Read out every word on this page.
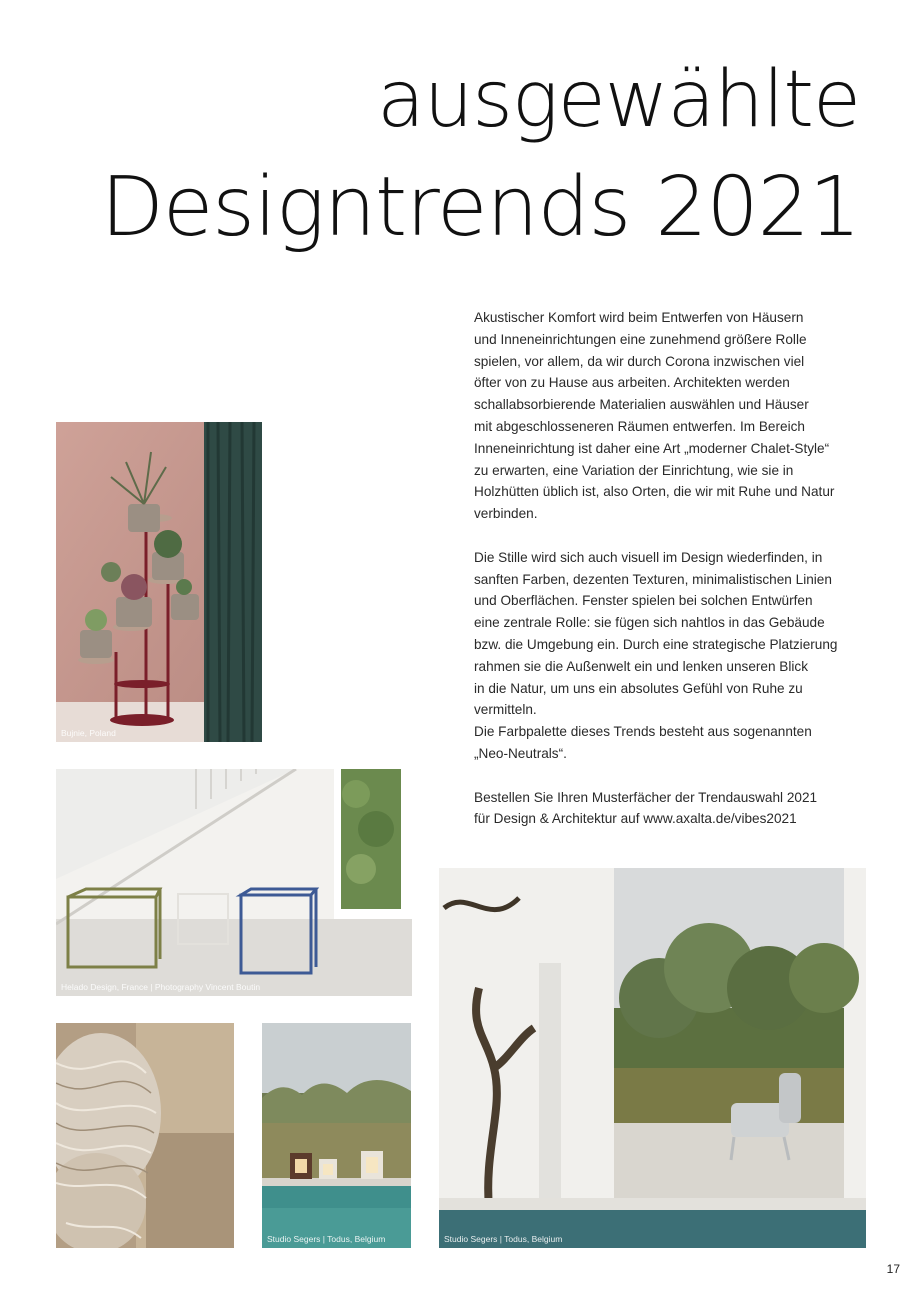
ausgewählte
Designtrends 2021
Akustischer Komfort wird beim Entwerfen von Häusern
und Inneneinrichtungen eine zunehmend größere Rolle
spielen, vor allem, da wir durch Corona inzwischen viel
öfter von zu Hause aus arbeiten. Architekten werden
schallabsorbierende Materialien auswählen und Häuser
mit abgeschlosseneren Räumen entwerfen. Im Bereich
Inneneinrichtung ist daher eine Art „moderner Chalet-Style“
zu erwarten, eine Variation der Einrichtung, wie sie in
Holzhütten üblich ist, also Orten, die wir mit Ruhe und Natur
verbinden.
Die Stille wird sich auch visuell im Design wiederfinden, in
sanften Farben, dezenten Texturen, minimalistischen Linien
und Oberflächen. Fenster spielen bei solchen Entwürfen
eine zentrale Rolle: sie fügen sich nahtlos in das Gebäude
bzw. die Umgebung ein. Durch eine strategische Platzierung
rahmen sie die Außenwelt ein und lenken unseren Blick
in die Natur, um uns ein absolutes Gefühl von Ruhe zu
vermitteln.
Die Farbpalette dieses Trends besteht aus sogenannten
„Neo-Neutrals“.
Bestellen Sie Ihren Musterfächer der Trendauswahl 2021
für Design & Architektur auf www.axalta.de/vibes2021
Bujnie, Poland
Helado Design, France | Photography Vincent Boutin
Studio Segers | Todus, Belgium	Studio Segers | Todus, Belgium
17
